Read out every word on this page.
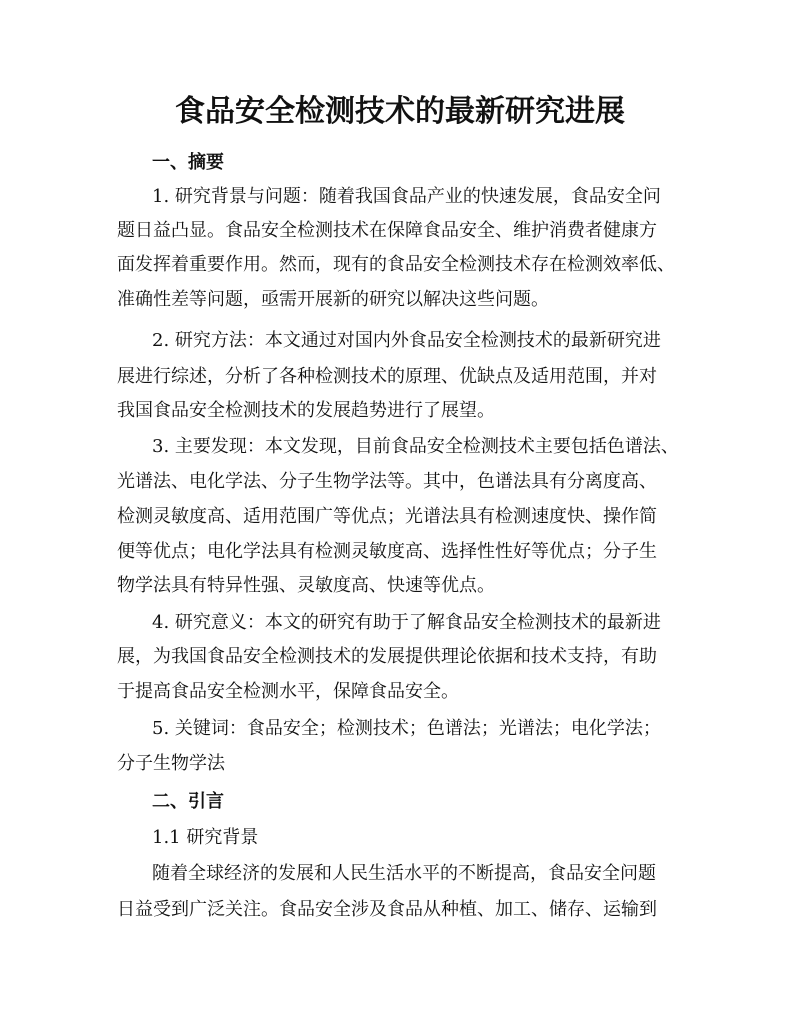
食品安全检测技术的最新研究进展

一、摘要

1. 研究背景与问题：随着我国食品产业的快速发展，食品安全问

题日益凸显。食品安全检测技术在保障食品安全、维护消费者健康方

面发挥着重要作用。然而，现有的食品安全检测技术存在检测效率低、

准确性差等问题，亟需开展新的研究以解决这些问题。

2. 研究方法：本文通过对国内外食品安全检测技术的最新研究进

展进行综述，分析了各种检测技术的原理、优缺点及适用范围，并对

我国食品安全检测技术的发展趋势进行了展望。

3. 主要发现：本文发现，目前食品安全检测技术主要包括色谱法、

光谱法、电化学法、分子生物学法等。其中，色谱法具有分离度高、

检测灵敏度高、适用范围广等优点；光谱法具有检测速度快、操作简

便等优点；电化学法具有检测灵敏度高、选择性性好等优点；分子生

物学法具有特异性强、灵敏度高、快速等优点。

4. 研究意义：本文的研究有助于了解食品安全检测技术的最新进

展，为我国食品安全检测技术的发展提供理论依据和技术支持，有助

于提高食品安全检测水平，保障食品安全。

5. 关键词：食品安全；检测技术；色谱法；光谱法；电化学法；

分子生物学法

二、引言

1.1 研究背景

随着全球经济的发展和人民生活水平的不断提高，食品安全问题

日益受到广泛关注。食品安全涉及食品从种植、加工、储存、运输到
